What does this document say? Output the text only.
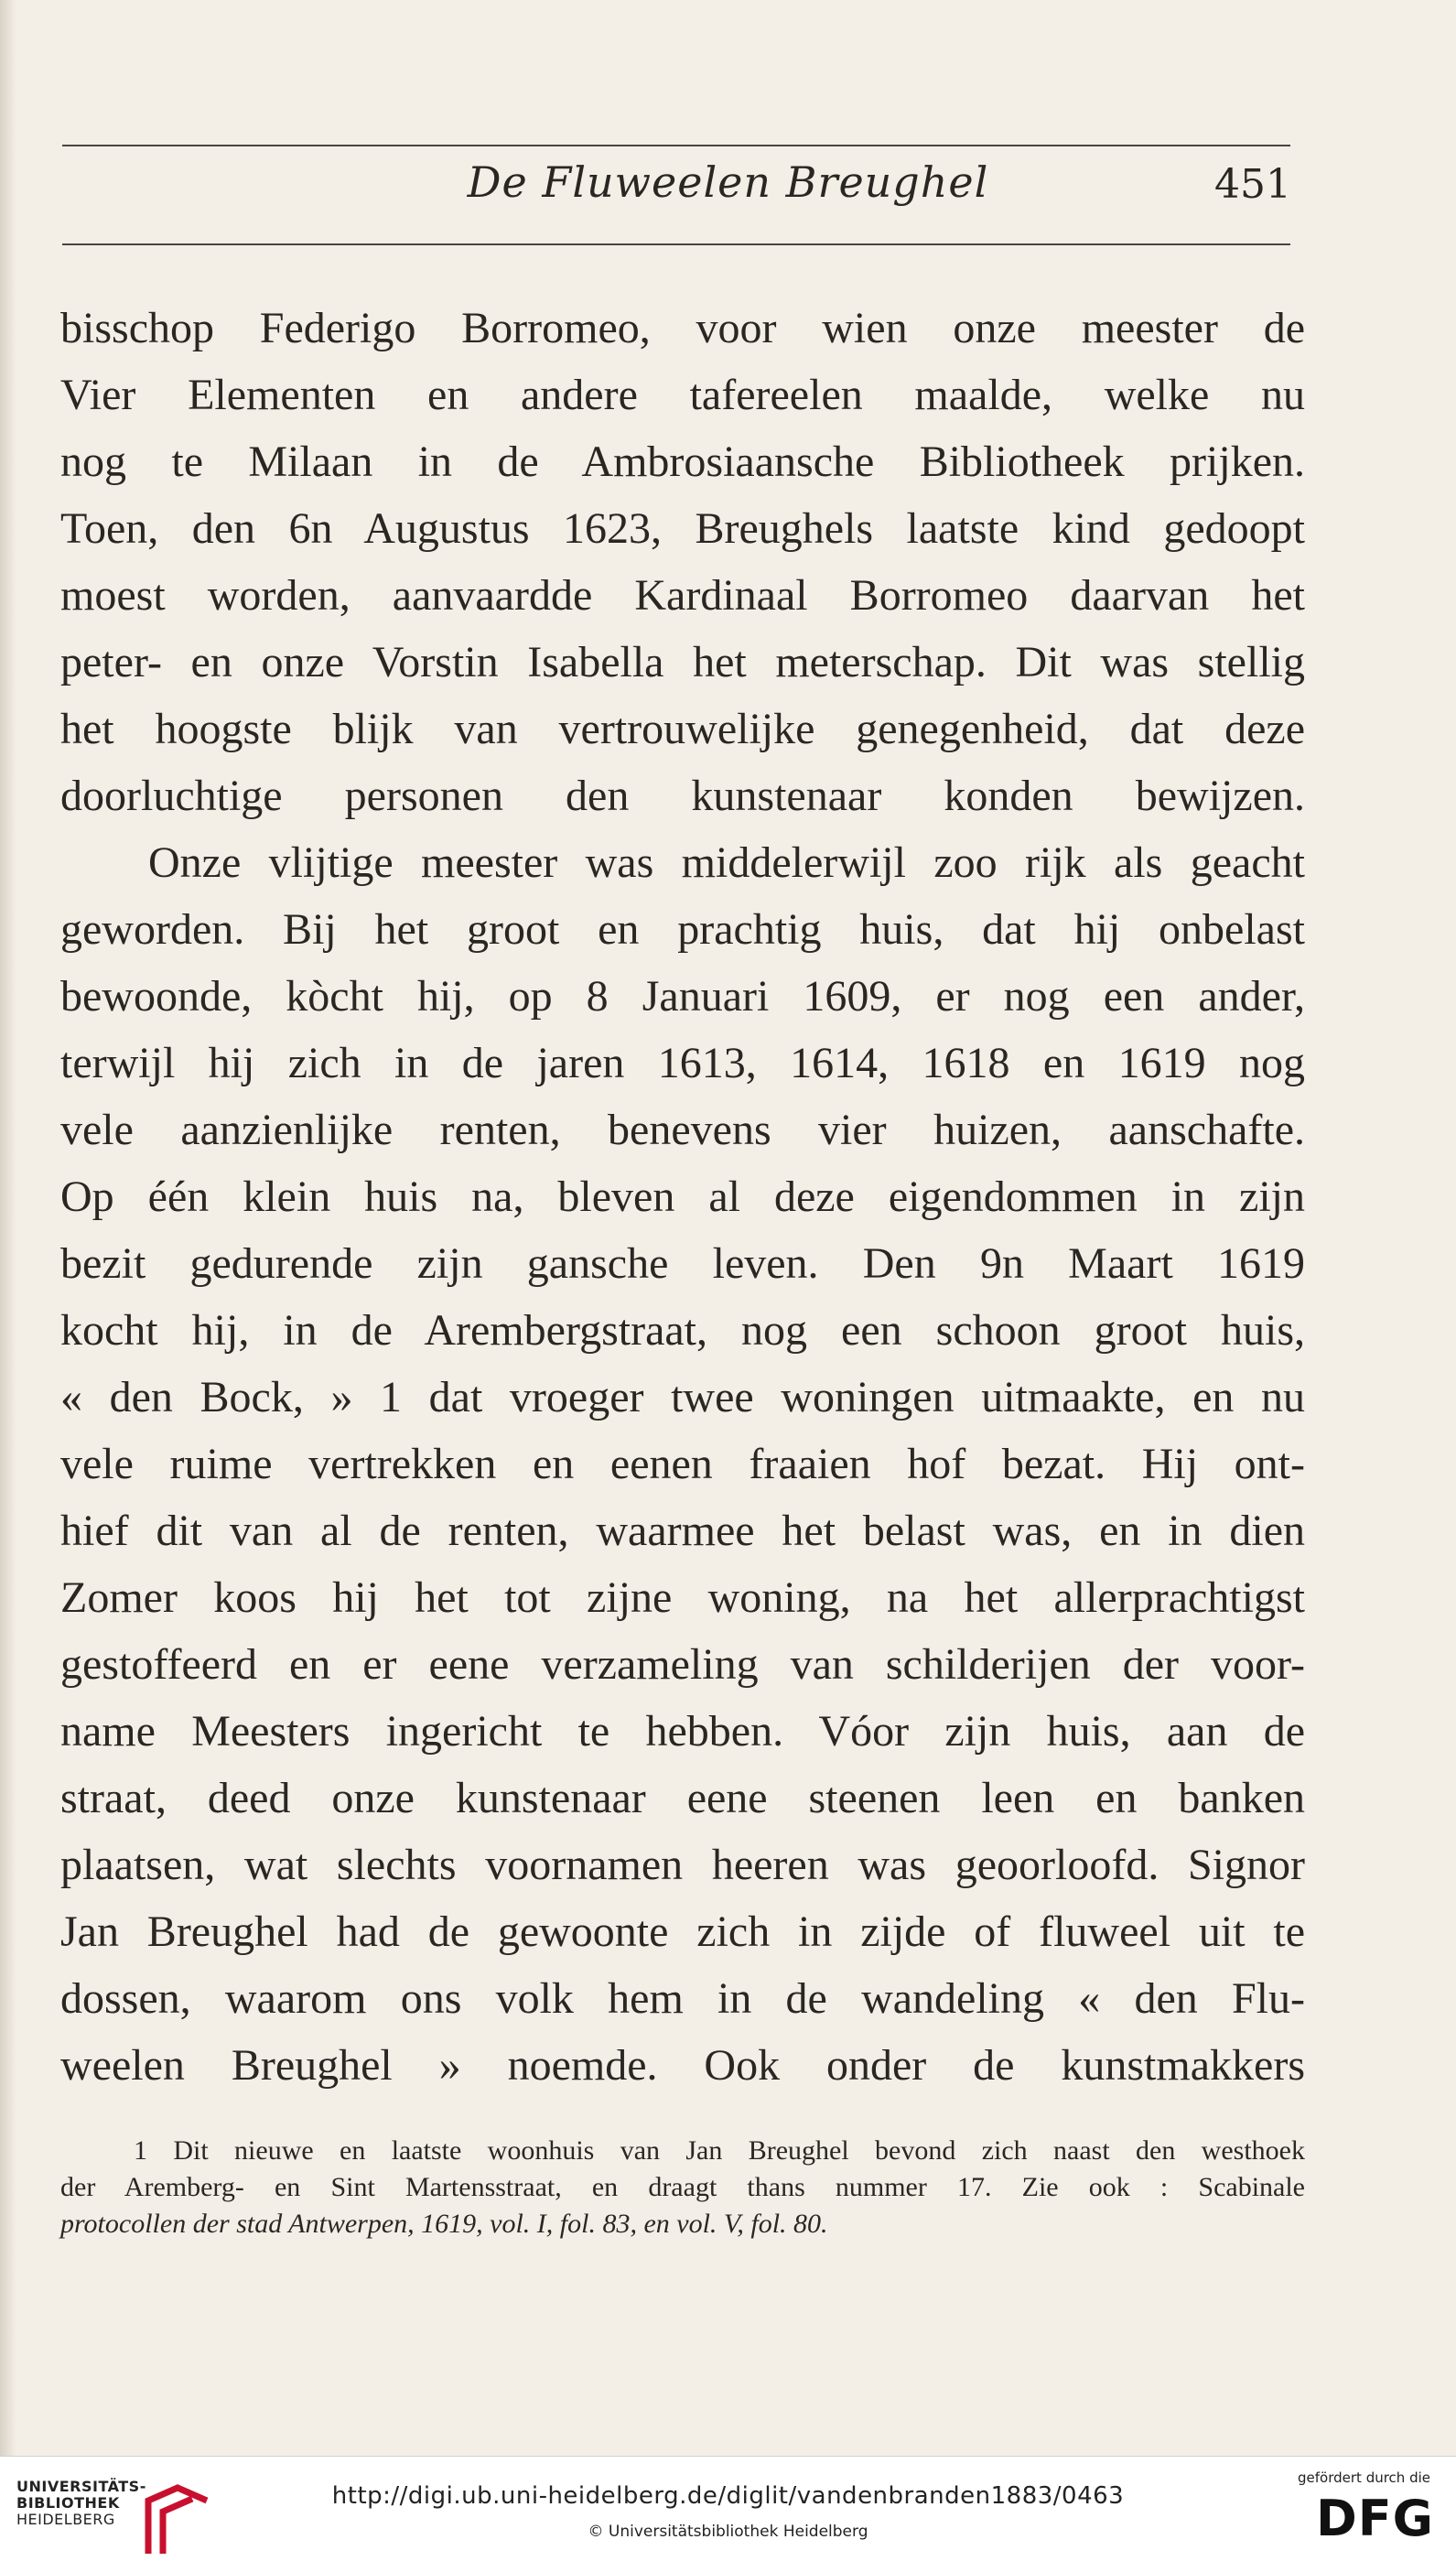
De Fluweelen Breughel	451
bisschop Federigo Borromeo, voor wien onze meester de
Vier Elementen en andere tafereelen maalde, welke nu
nog te Milaan in de Ambrosiaansche Bibliotheek prijken.
Toen, den 6n Augustus 1623, Breughels laatste kind gedoopt
moest worden, aanvaardde Kardinaal Borromeo daarvan het
peter- en onze Vorstin Isabella het meterschap. Dit was stellig
het hoogste blijk van vertrouwelijke genegenheid, dat deze
doorluchtige personen den kunstenaar konden bewijzen.
Onze vlijtige meester was middelerwijl zoo rijk als geacht
geworden. Bij het groot en prachtig huis, dat hij onbelast
bewoonde, kòcht hij, op 8 Januari 1609, er nog een ander,
terwijl hij zich in de jaren 1613, 1614, 1618 en 1619 nog
vele aanzienlijke renten, benevens vier huizen, aanschafte.
Op één klein huis na, bleven al deze eigendommen in zijn
bezit gedurende zijn gansche leven. Den 9n Maart 1619
kocht hij, in de Arembergstraat, nog een schoon groot huis,
« den Bock, » 1 dat vroeger twee woningen uitmaakte, en nu
vele ruime vertrekken en eenen fraaien hof bezat. Hij ont-
hief dit van al de renten, waarmee het belast was, en in dien
Zomer koos hij het tot zijne woning, na het allerprachtigst
gestoffeerd en er eene verzameling van schilderijen der voor-
name Meesters ingericht te hebben. Vóor zijn huis, aan de
straat, deed onze kunstenaar eene steenen leen en banken
plaatsen, wat slechts voornamen heeren was geoorloofd. Signor
Jan Breughel had de gewoonte zich in zijde of fluweel uit te
dossen, waarom ons volk hem in de wandeling « den Flu-
weelen Breughel » noemde. Ook onder de kunstmakkers
1 Dit nieuwe en laatste woonhuis van Jan Breughel bevond zich naast den westhoek
der Aremberg- en Sint Martensstraat, en draagt thans nummer 17. Zie ook : Scabinale
protocollen der stad Antwerpen, 1619, vol. I, fol. 83, en vol. V, fol. 80.
UNIVERSITÄTS-
BIBLIOTHEK
HEIDELBERG
http://digi.ub.uni-heidelberg.de/diglit/vandenbranden1883/0463
© Universitätsbibliothek Heidelberg
gefördert durch die
DFG
